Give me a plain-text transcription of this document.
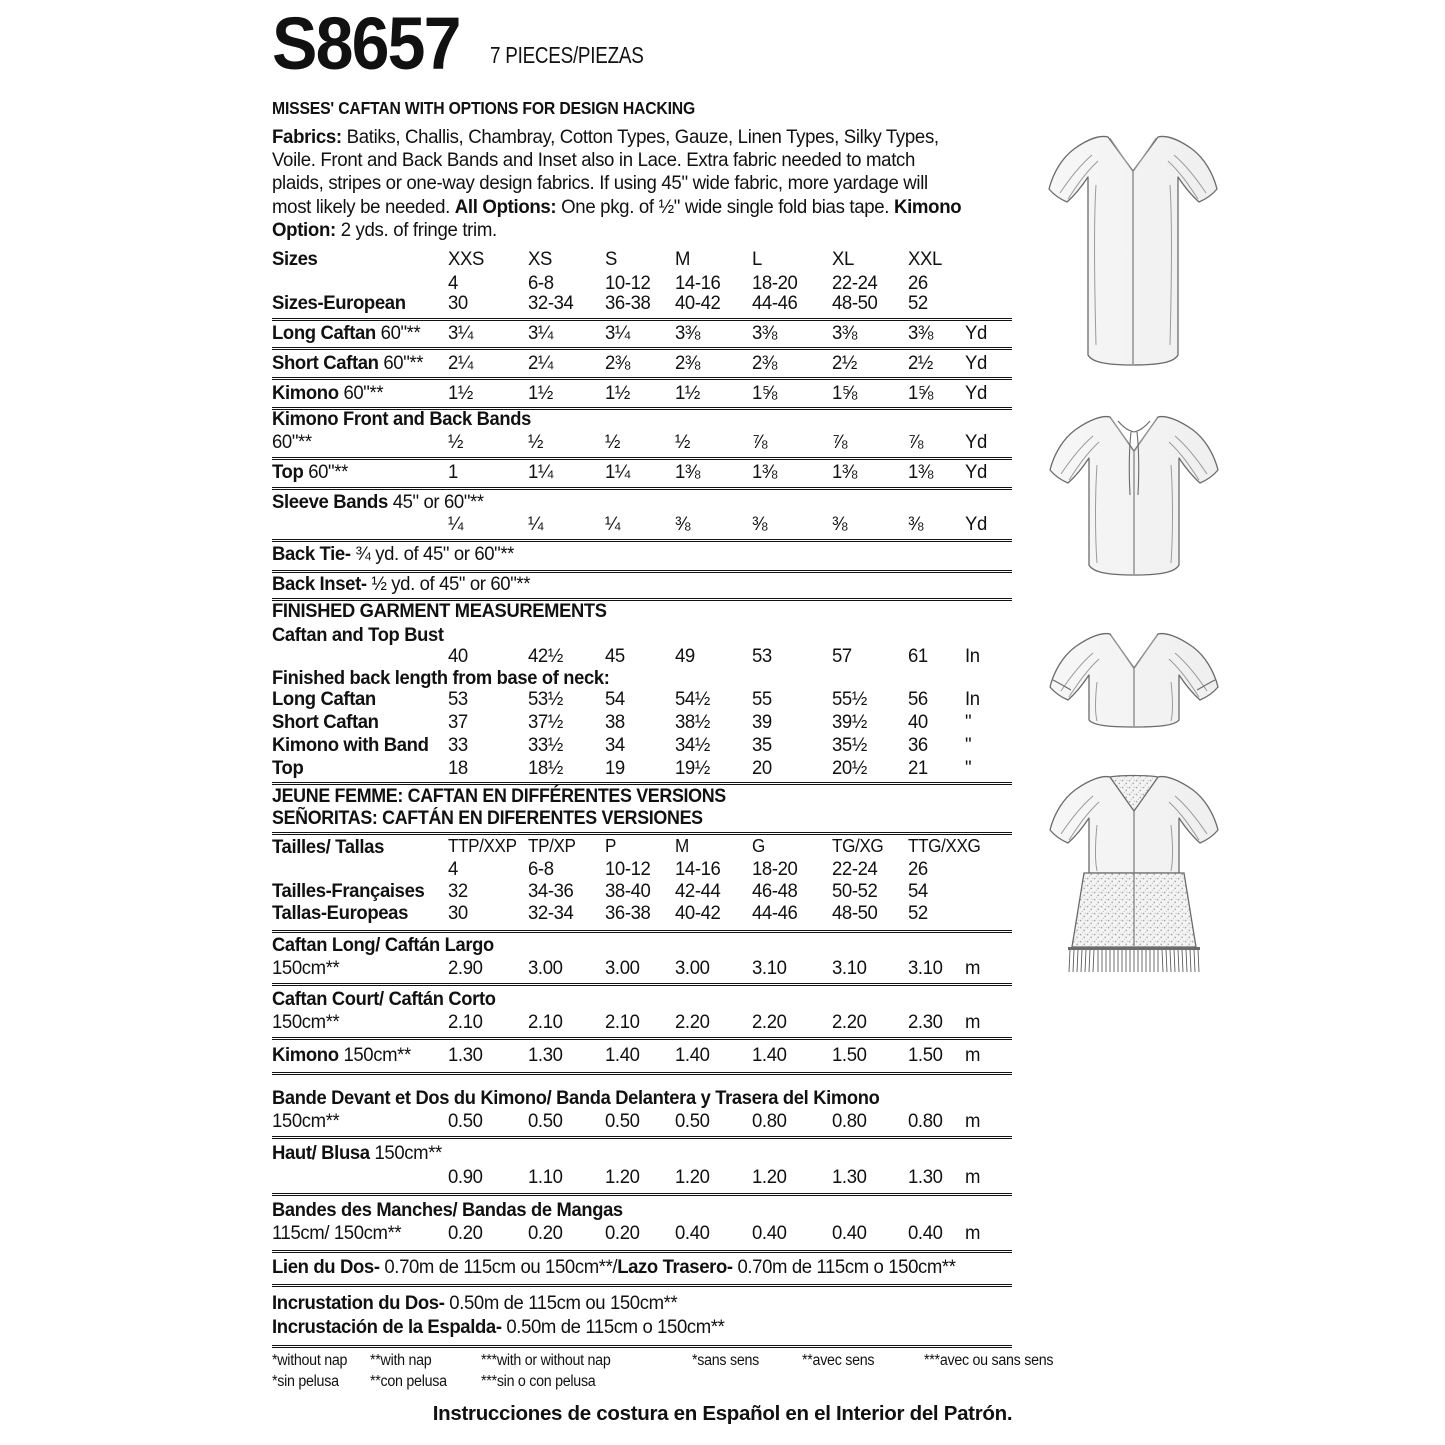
S8657 7 PIECES/PIEZAS
MISSES' CAFTAN WITH OPTIONS FOR DESIGN HACKING
Fabrics: Batiks, Challis, Chambray, Cotton Types, Gauze, Linen Types, Silky Types, Voile. Front and Back Bands and Inset also in Lace. Extra fabric needed to match plaids, stripes or one-way design fabrics. If using 45" wide fabric, more yardage will most likely be needed. All Options: One pkg. of ½" wide single fold bias tape. Kimono Option: 2 yds. of fringe trim.
Sizes	XXS XS	S	M	L	XL	XXL
4	6-8	10-12 14-16 18-20 22-24 26
Sizes-European 30	32-34 36-38 40-42 44-46 48-50 52
Long Caftan 60"** 3¼	3¼	3¼ 3⅜	3⅜	3⅜	3⅜ Yd
Short Caftan 60"** 2¼	2¼	2⅜ 2⅜	2⅜	2½	2½ Yd
Kimono 60"**	1½	1½	1½ 1½	1⅝	1⅝	1⅝ Yd
Kimono Front and Back Bands
60"**	½	½	½	½	⅞	⅞	⅞ Yd
Top 60"**	1	1¼	1¼ 1⅜	1⅜	1⅜	1⅜ Yd
Sleeve Bands 45" or 60"**
¼	¼	¼	⅜	⅜	⅜	⅜ Yd
Back Tie- ¾ yd. of 45" or 60"**
Back Inset- ½ yd. of 45" or 60"**
FINISHED GARMENT MEASUREMENTS
Caftan and Top Bust
40	42½ 45	49	53	57	61 In
Finished back length from base of neck:
Long Caftan	53	53½ 54	54½ 55	55½ 56 In
Short Caftan	37	37½ 38	38½ 39	39½ 40 "
Kimono with Band 33	33½ 34	34½ 35	35½ 36 "
Top	18	18½ 19	19½ 20	20½ 21 "
JEUNE FEMME: CAFTAN EN DIFFÉRENTES VERSIONS
SEÑORITAS: CAFTÁN EN DIFERENTES VERSIONES
Tailles/ Tallas	TTP/XXP TP/XP P	M	G	TG/XG TTG/XXG
4	6-8	10-12 14-16 18-20 22-24 26
Tailles-Françaises 32	34-36 38-40 42-44 46-48 50-52 54
Tallas-Europeas 30	32-34 36-38 40-42 44-46 48-50 52
Caftan Long/ Caftán Largo
150cm**	2.90 3.00 3.00 3.00 3.10 3.10 3.10 m
Caftan Court/ Caftán Corto
150cm**	2.10 2.10 2.10 2.20 2.20 2.20 2.30 m
Kimono 150cm** 1.30 1.30 1.40 1.40 1.40 1.50 1.50 m
Bande Devant et Dos du Kimono/ Banda Delantera y Trasera del Kimono
150cm**	0.50 0.50 0.50 0.50 0.80 0.80 0.80 m
Haut/ Blusa 150cm**
0.90 1.10 1.20 1.20 1.20 1.30 1.30 m
Bandes des Manches/ Bandas de Mangas
115cm/ 150cm** 0.20 0.20 0.20 0.40 0.40 0.40 0.40 m
Lien du Dos- 0.70m de 115cm ou 150cm**/Lazo Trasero- 0.70m de 115cm o 150cm**
Incrustation du Dos- 0.50m de 115cm ou 150cm**
Incrustación de la Espalda- 0.50m de 115cm o 150cm**
Instrucciones de costura en Español en el Interior del Patrón.
*without nap **with nap	***with or without nap
*sin pelusa **con pelusa ***sin o con pelusa
*sans sens	**avec sens	***avec ou sans sens
